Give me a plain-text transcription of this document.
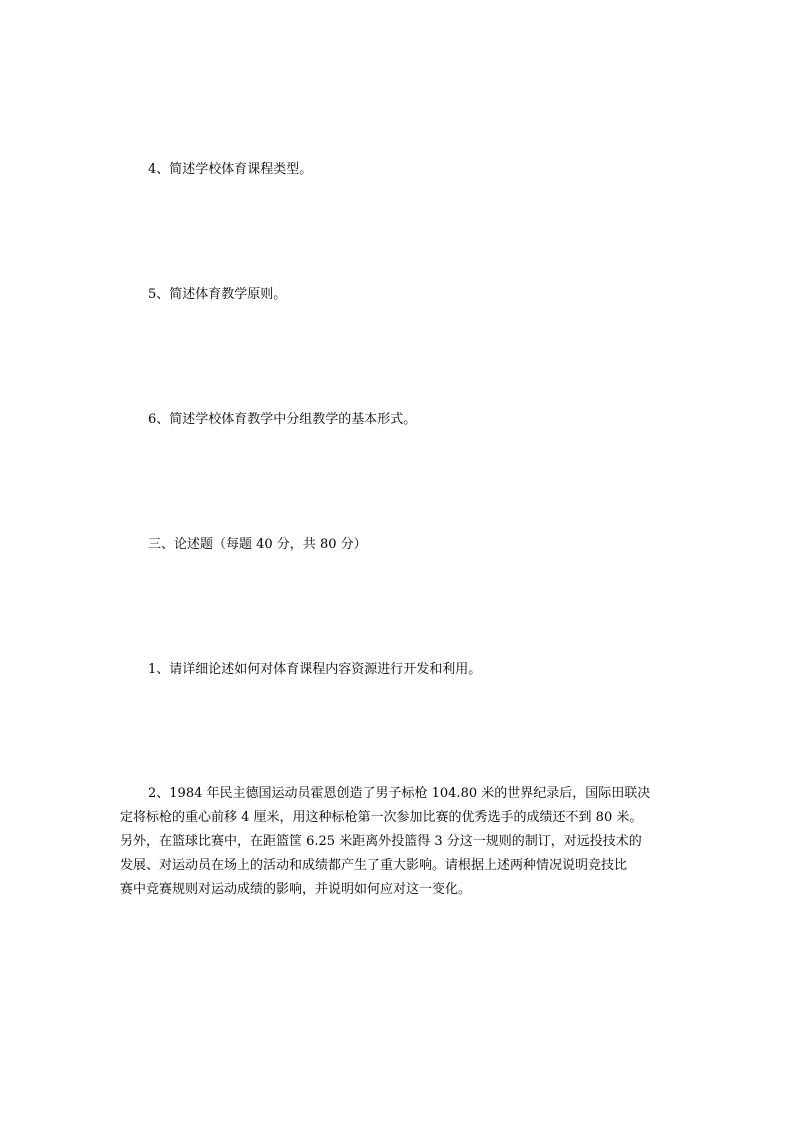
4、简述学校体育课程类型。
5、简述体育教学原则。
6、简述学校体育教学中分组教学的基本形式。
三、论述题（每题 40 分，共 80 分）
1、请详细论述如何对体育课程内容资源进行开发和利用。
2、1984 年民主德国运动员霍恩创造了男子标枪 104.80 米的世界纪录后，国际田联决
定将标枪的重心前移 4 厘米，用这种标枪第一次参加比赛的优秀选手的成绩还不到 80 米。
另外，在篮球比赛中，在距篮筐 6.25 米距离外投篮得 3 分这一规则的制订，对远投技术的
发展、对运动员在场上的活动和成绩都产生了重大影响。请根据上述两种情况说明竞技比
赛中竞赛规则对运动成绩的影响，并说明如何应对这一变化。
